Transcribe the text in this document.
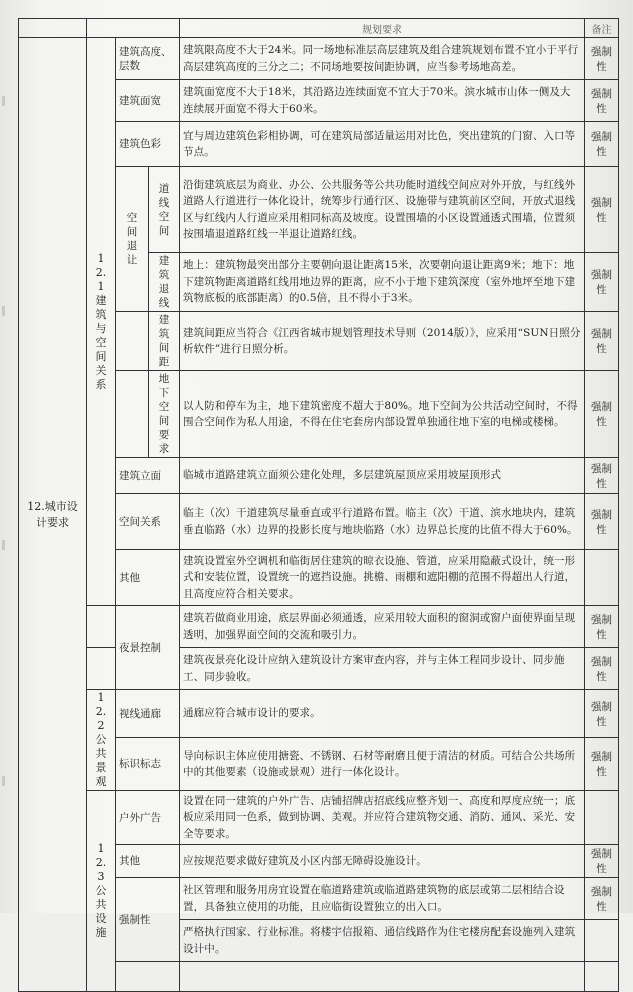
				规划要求	备注
12.城市设计要求	12.1 建筑与空间关系	建筑高度、层数		建筑限高度不大于24米。同一场地标准层高层建筑及组合建筑规划布置不宜小于平行高层建筑高度的三分之二；不同场地要按间距协调，应当参考场地高差。	强制性
		建筑面宽		建筑面宽度不大于18米，其沿路边连续面宽不宜大于70米。滨水城市山体一侧及大连续展开面宽不得大于60米。	强制性
		建筑色彩		宜与周边建筑色彩相协调，可在建筑局部适量运用对比色，突出建筑的门窗、入口等节点。	强制性
		空间退让	道线空间	沿街建筑底层为商业、办公、公共服务等公共功能时道线空间应对外开放，与红线外道路人行道进行一体化设计，统筹步行通行区、设施带与建筑前区空间，开放式退线区与红线内人行道应采用相同标高及坡度。设置围墙的小区设置通透式围墙，位置须按围墙退道路红线一半退让道路红线。	强制性
			建筑退线	地上：建筑物最突出部分主要朝向退让距离15米，次要朝向退让距离9米；地下：地下建筑物距离道路红线用地边界的距离，应不小于地下建筑深度（室外地坪至地下建筑物底板的底部距离）的0.5倍，且不得小于3米。	强制性
			建筑间距	建筑间距应当符合《江西省城市规划管理技术导则（2014版）》，应采用“SUN日照分析软件”进行日照分析。	强制性
			地下空间要求	以人防和停车为主，地下建筑密度不超大于80%。地下空间为公共活动空间时，不得围合空间作为私人用途，不得在住宅套房内部设置单独通往地下室的电梯或楼梯。	强制性
		建筑立面		临城市道路建筑立面须公建化处理，多层建筑屋顶应采用坡屋顶形式	强制性
		空间关系		临主（次）干道建筑尽量垂直或平行道路布置。临主（次）干道、滨水地块内，建筑垂直临路（水）边界的投影长度与地块临路（水）边界总长度的比值不得大于60%。	强制性
		其他		建筑设置室外空调机和临街居住建筑的晾衣设施、管道，应采用隐蔽式设计，统一形式和安装位置，设置统一的遮挡设施。挑檐、雨棚和遮阳棚的范围不得超出人行道，且高度应符合相关要求。	
		夜景控制		建筑若做商业用途，底层界面必须通透，应采用较大面积的窗洞或窗户面使界面呈现透明，加强界面空间的交流和吸引力。	强制性
				建筑夜景亮化设计应纳入建筑设计方案审查内容，并与主体工程同步设计、同步施工、同步验收。	强制性
	12.2 公共景观	视线通廊		通廊应符合城市设计的要求。	强制性
		标识标志		导向标识主体应使用搪瓷、不锈钢、石材等耐磨且便于清洁的材质。可结合公共场所中的其他要素（设施或景观）进行一体化设计。	强制性
	12.3 公共设施	户外广告		设置在同一建筑的户外广告、店铺招牌店招底线应整齐划一、高度和厚度应统一；底板应采用同一色系，做到协调、美观。并应符合建筑物交通、消防、通风、采光、安全等要求。	
		其他		应按规范要求做好建筑及小区内部无障碍设施设计。	强制性
		强制性		社区管理和服务用房宜设置在临道路建筑或临道路建筑物的底层或第二层相结合设置，具备独立使用的功能，且应临街设置独立的出入口。	强制性
				严格执行国家、行业标准。将楼宇信报箱、通信线路作为住宅楼房配套设施列入建筑设计中。	
